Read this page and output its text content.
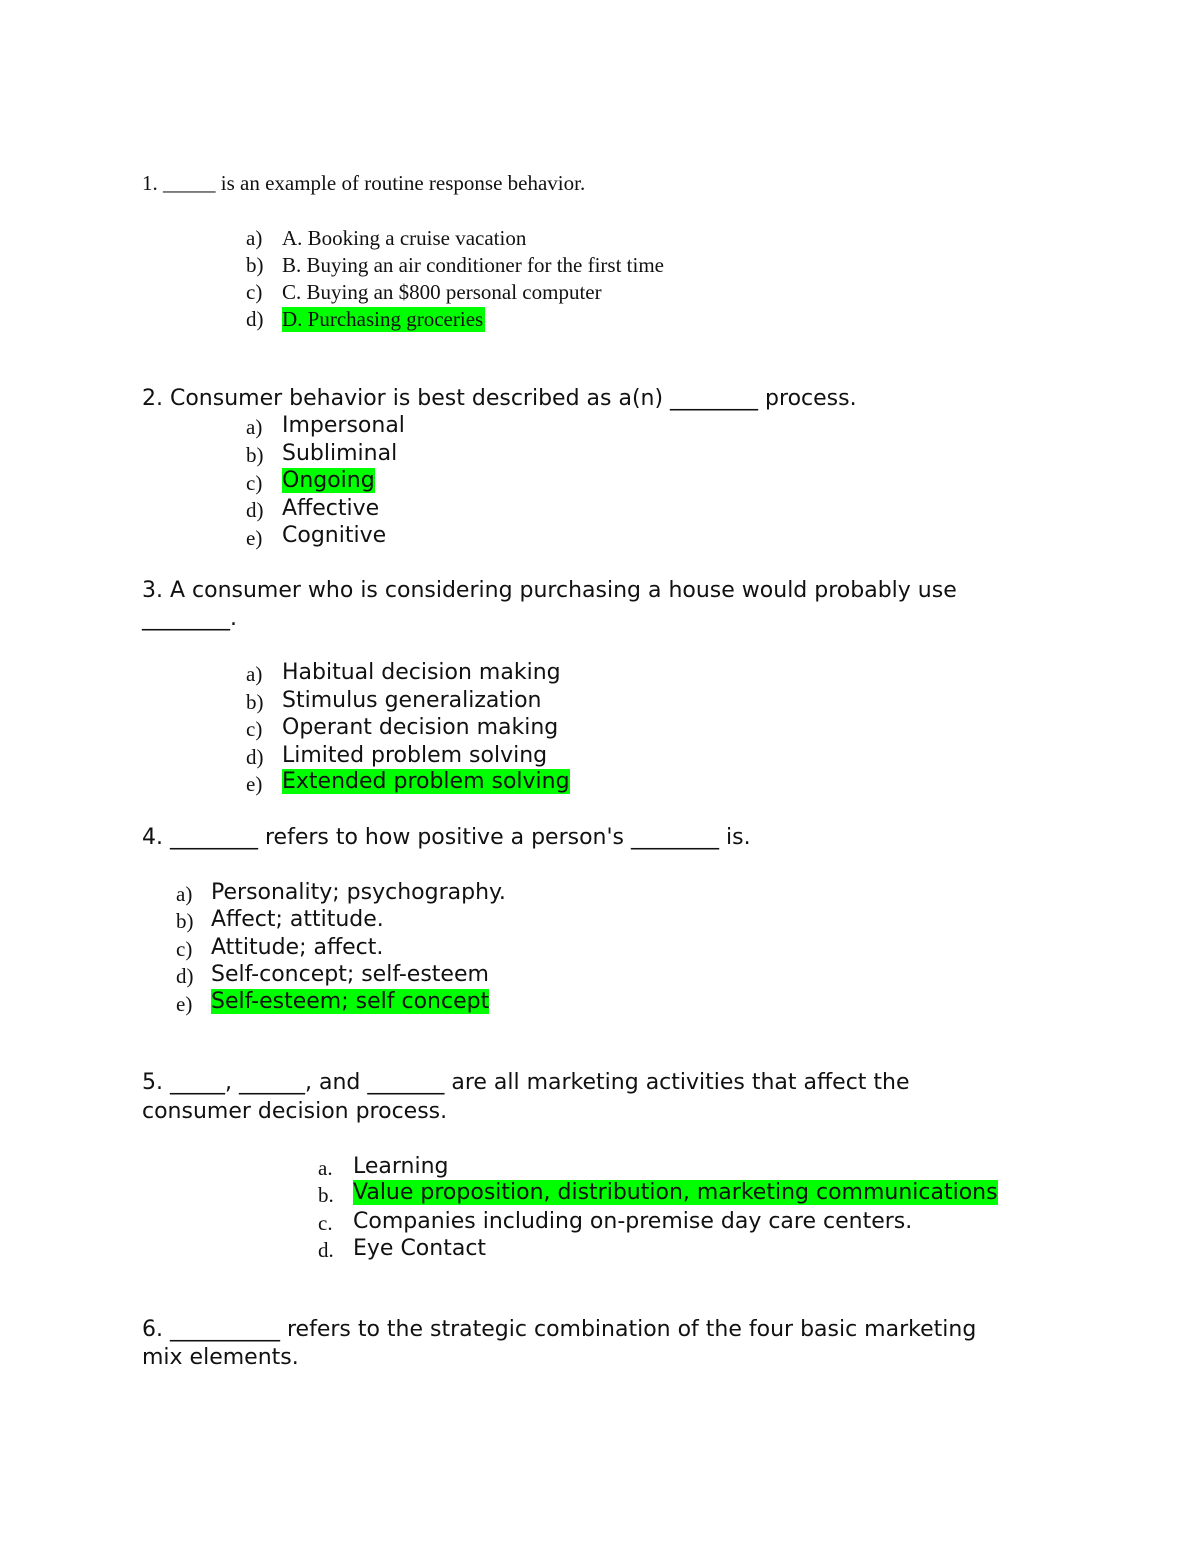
1. _____ is an example of routine response behavior.
a) A. Booking a cruise vacation
b) B. Buying an air conditioner for the first time
c) C. Buying an $800 personal computer
d) D. Purchasing groceries
2. Consumer behavior is best described as a(n) ________ process.
a) Impersonal
b) Subliminal
c) Ongoing
d) Affective
e) Cognitive
3. A consumer who is considering purchasing a house would probably use
________.
a) Habitual decision making
b) Stimulus generalization
c) Operant decision making
d) Limited problem solving
e) Extended problem solving
4. ________ refers to how positive a person's ________ is.
a) Personality; psychography.
b) Affect; attitude.
c) Attitude; affect.
d) Self-concept; self-esteem
e) Self-esteem; self concept
5. _____, ______, and _______ are all marketing activities that affect the
consumer decision process.
a. Learning
b. Value proposition, distribution, marketing communications
c. Companies including on-premise day care centers.
d. Eye Contact
6. __________ refers to the strategic combination of the four basic marketing
mix elements.
